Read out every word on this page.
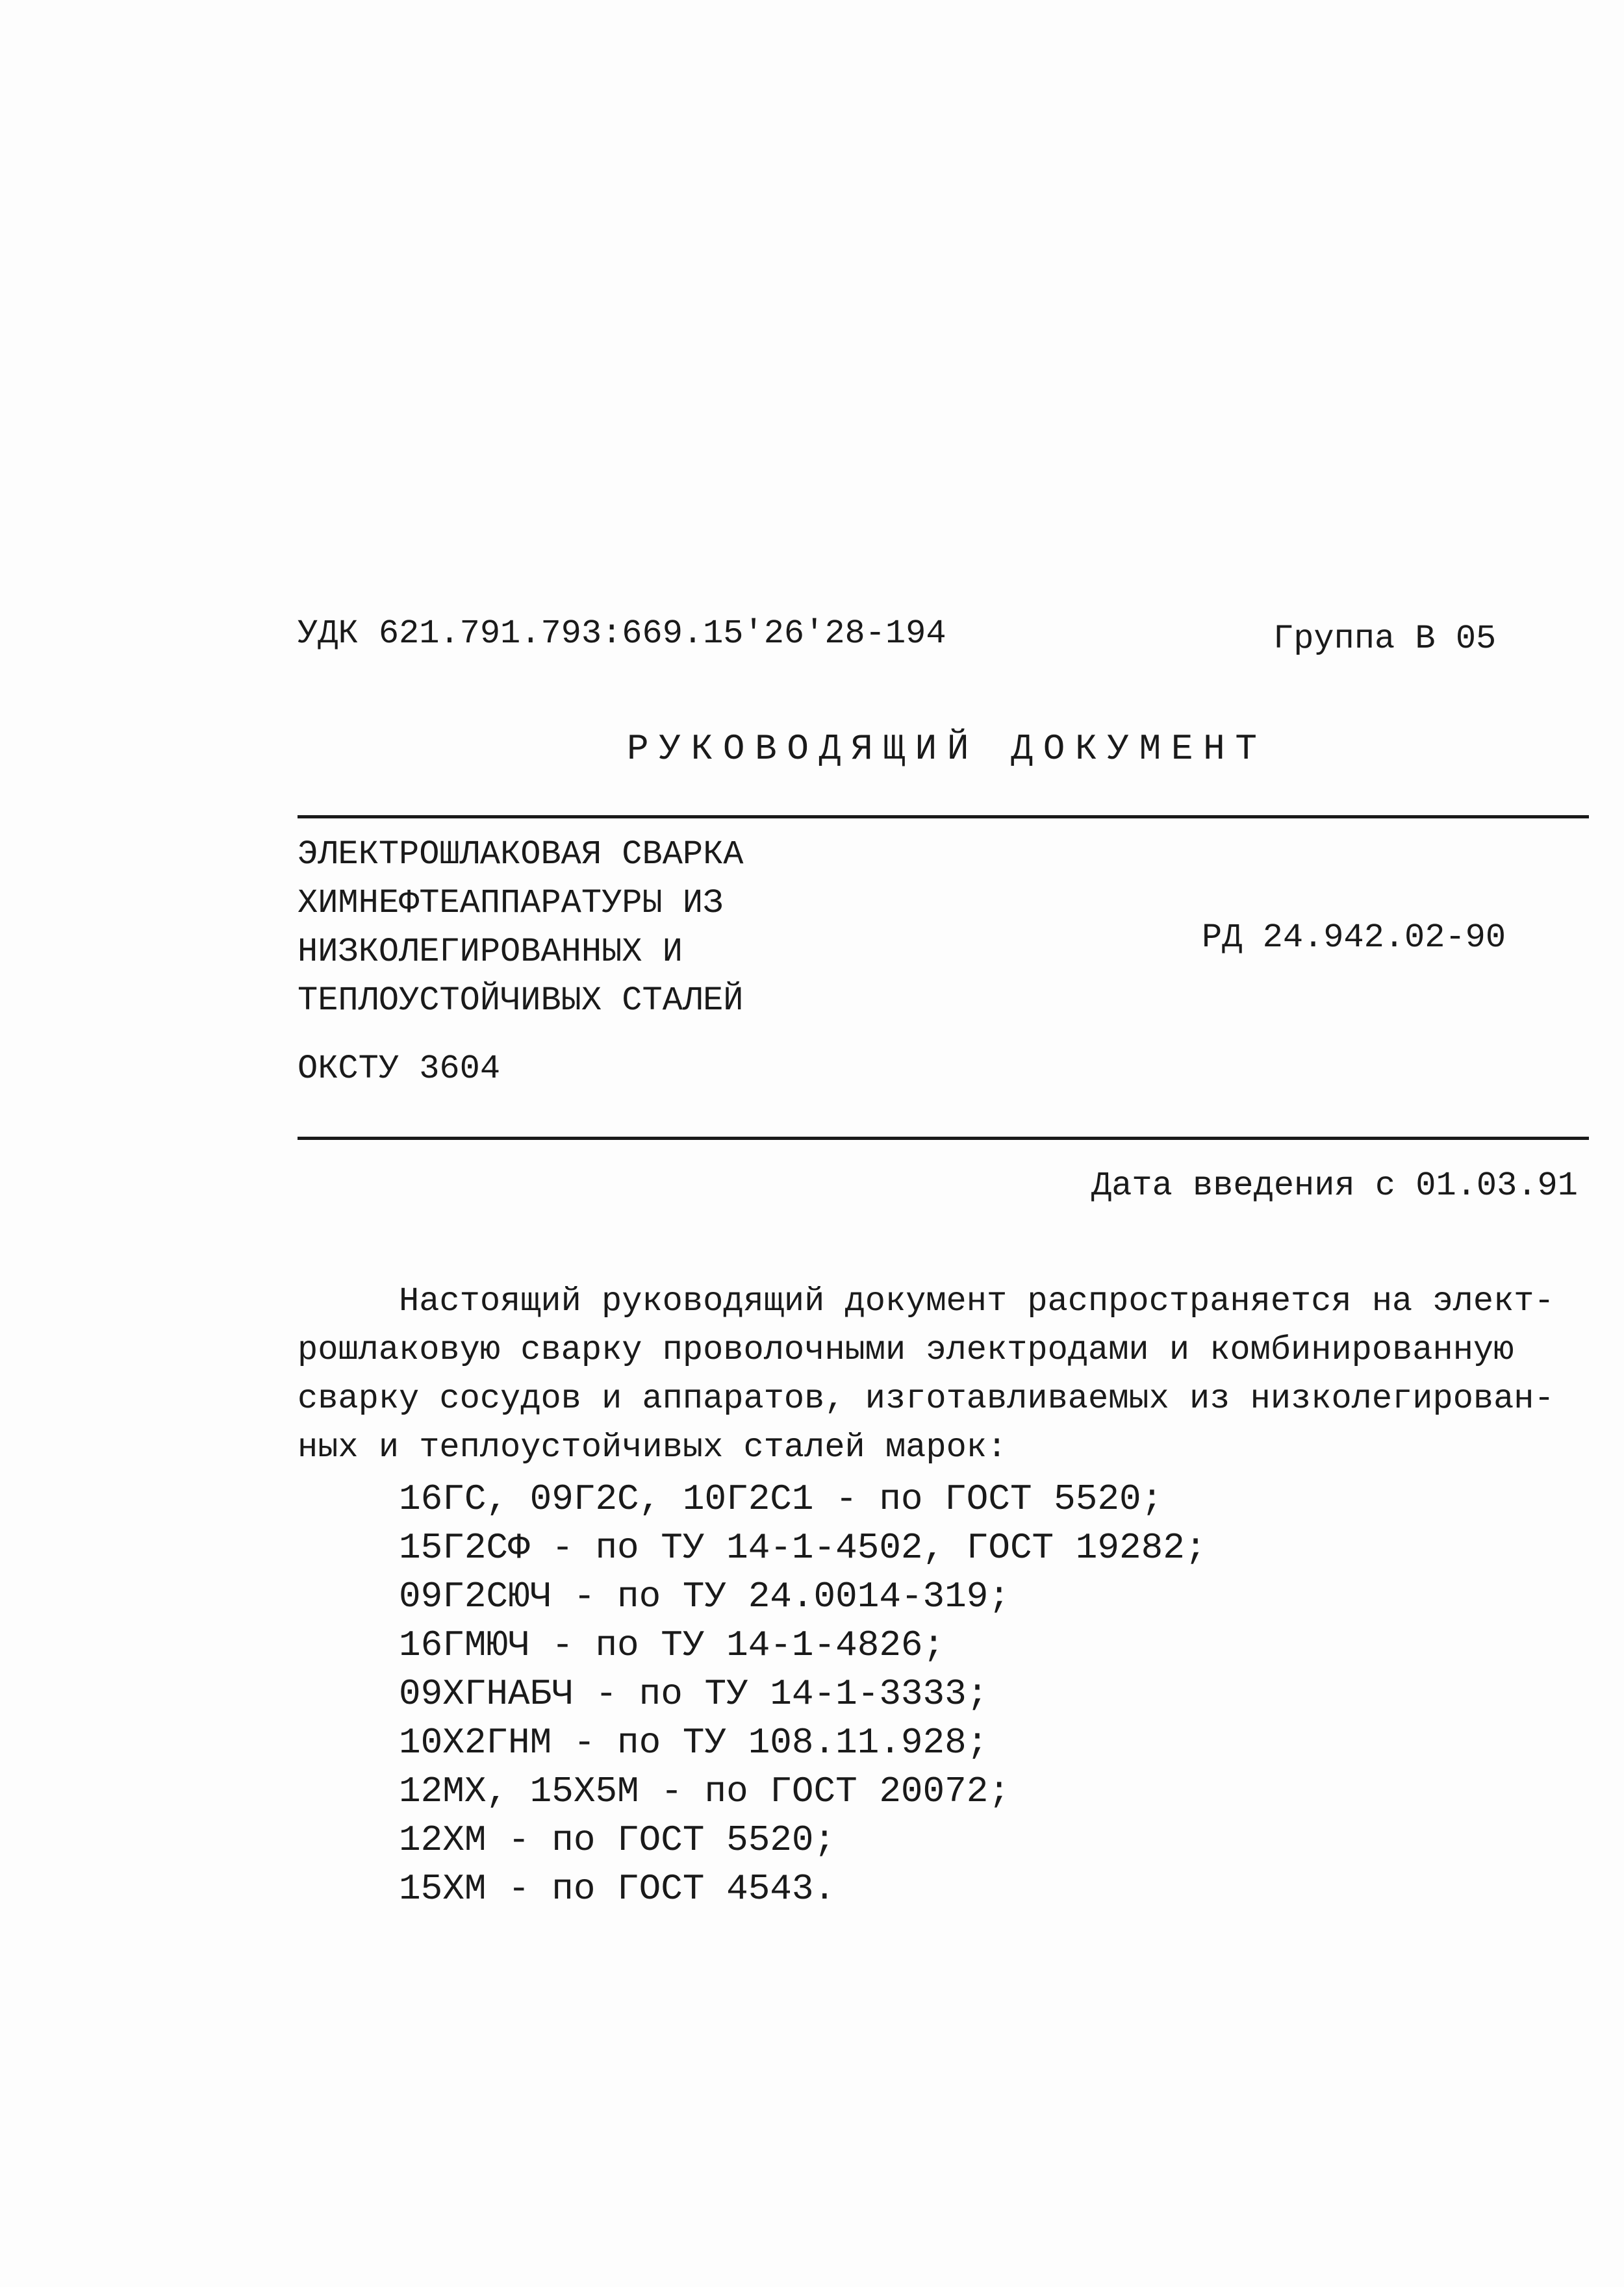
УДК 621.791.793:669.15'26'28-194	Группа В 05
РУКОВОДЯЩИЙ ДОКУМЕНТ
ЭЛЕКТРОШЛАКОВАЯ СВАРКА
ХИМНЕФТЕАППАРАТУРЫ ИЗ
НИЗКОЛЕГИРОВАННЫХ И
ТЕПЛОУСТОЙЧИВЫХ СТАЛЕЙ
РД 24.942.02-90
ОКСТУ 3604
Дата введения с 01.03.91
Настоящий руководящий документ распространяется на элект-
рошлаковую сварку проволочными электродами и комбинированную
сварку сосудов и аппаратов, изготавливаемых из низколегирован-
ных и теплоустойчивых сталей марок:
16ГС, 09Г2С, 10Г2С1 - по ГОСТ 5520;
15Г2СФ - по ТУ 14-1-4502, ГОСТ 19282;
09Г2СЮЧ - по ТУ 24.0014-319;
16ГМЮЧ - по ТУ 14-1-4826;
09ХГНАБЧ - по ТУ 14-1-3333;
10Х2ГНМ - по ТУ 108.11.928;
12МХ, 15Х5М - по ГОСТ 20072;
12ХМ - по ГОСТ 5520;
15ХМ - по ГОСТ 4543.
